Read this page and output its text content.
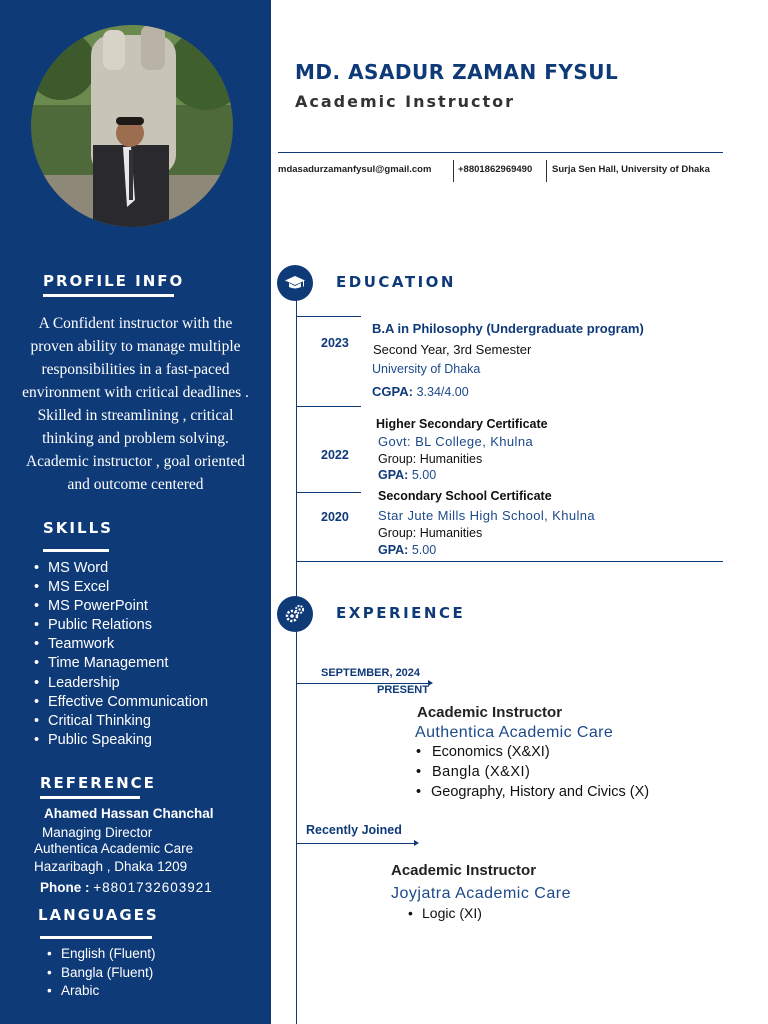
PROFILE INFO

A Confident instructor with the
proven ability to manage multiple
responsibilities in a fast-paced
environment with critical deadlines .
Skilled in streamlining , critical
thinking and problem solving.
Academic instructor , goal oriented
and outcome centered

SKILLS
• MS Word
• MS Excel
• MS PowerPoint
• Public Relations
• Teamwork
• Time Management
• Leadership
• Effective Communication
• Critical Thinking
• Public Speaking
REFERENCE
Ahamed Hassan Chanchal
Managing Director
Authentica Academic Care
Hazaribagh , Dhaka 1209
Phone : +8801732603921
LANGUAGES
• English (Fluent)
• Bangla (Fluent)
• Arabic
MD. ASADUR ZAMAN FYSUL
Academic Instructor
mdasadurzamanfysul@gmail.com	+8801862969490 Surja Sen Hall, University of Dhaka
EDUCATION
2023
B.A in Philosophy (Undergraduate program)
Second Year, 3rd Semester
University of Dhaka
CGPA: 3.34/4.00
2022
Higher Secondary Certificate
Govt: BL College, Khulna
Group: Humanities
GPA: 5.00
2020
Secondary School Certificate
Star Jute Mills High School, Khulna
Group: Humanities
GPA: 5.00
EXPERIENCE
SEPTEMBER, 2024
PRESENT
Academic Instructor
Authentica Academic Care
• Economics (X&XI)
• Bangla (X&XI)
• Geography, History and Civics (X)
Recently Joined
Academic Instructor
Joyjatra Academic Care
• Logic (XI)
